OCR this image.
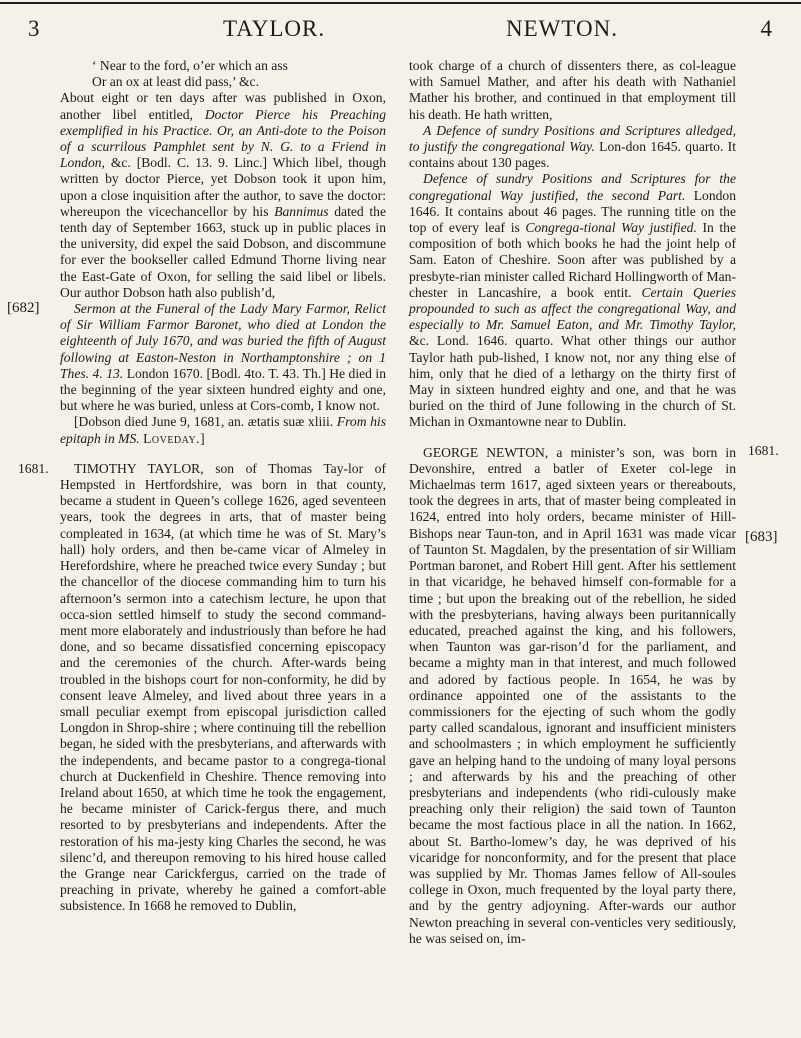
3	TAYLOR.	NEWTON.	4
[682]
1681.
1681.
[683]

‘ Near to the ford, o’er which an ass

Or an ox at least did pass,’ &c.

About eight or ten days after was published in Oxon, another libel entitled, Doctor Pierce his Preaching exemplified in his Practice. Or, an Anti-dote to the Poison of a scurrilous Pamphlet sent by N. G. to a Friend in London, &c. [Bodl. C. 13. 9. Linc.] Which libel, though written by doctor Pierce, yet Dobson took it upon him, upon a close inquisition after the author, to save the doctor: whereupon the vicechancellor by his Bannimus dated the tenth day of September 1663, stuck up in public places in the university, did expel the said Dobson, and discommune for ever the bookseller called Edmund Thorne living near the East-Gate of Oxon, for selling the said libel or libels. Our author Dobson hath also publish’d,

Sermon at the Funeral of the Lady Mary Farmor, Relict of Sir William Farmor Baronet, who died at London the eighteenth of July 1670, and was buried the fifth of August following at Easton-Neston in Northamptonshire ; on 1 Thes. 4. 13. London 1670. [Bodl. 4to. T. 43. Th.] He died in the beginning of the year sixteen hundred eighty and one, but where he was buried, unless at Cors-comb, I know not.

[Dobson died June 9, 1681, an. ætatis suæ xliii. From his epitaph in MS. Loveday.]

TIMOTHY TAYLOR, son of Thomas Tay-lor of Hempsted in Hertfordshire, was born in that county, became a student in Queen’s college 1626, aged seventeen years, took the degrees in arts, that of master being compleated in 1634, (at which time he was of St. Mary’s hall) holy orders, and then be-came vicar of Almeley in Herefordshire, where he preached twice every Sunday ; but the chancellor of the diocese commanding him to turn his afternoon’s sermon into a catechism lecture, he upon that occa-sion settled himself to study the second command-ment more elaborately and industriously than before he had done, and so became dissatisfied concerning episcopacy and the ceremonies of the church. After-wards being troubled in the bishops court for non-conformity, he did by consent leave Almeley, and lived about three years in a small peculiar exempt from episcopal jurisdiction called Longdon in Shrop-shire ; where continuing till the rebellion began, he sided with the presbyterians, and afterwards with the independents, and became pastor to a congrega-tional church at Duckenfield in Cheshire. Thence removing into Ireland about 1650, at which time he took the engagement, he became minister of Carick-fergus there, and much resorted to by presbyterians and independents. After the restoration of his ma-jesty king Charles the second, he was silenc’d, and thereupon removing to his hired house called the Grange near Carickfergus, carried on the trade of preaching in private, whereby he gained a comfort-able subsistence. In 1668 he removed to Dublin,

took charge of a church of dissenters there, as col-league with Samuel Mather, and after his death with Nathaniel Mather his brother, and continued in that employment till his death. He hath written,

A Defence of sundry Positions and Scriptures alledged, to justify the congregational Way. Lon-don 1645. quarto. It contains about 130 pages.

Defence of sundry Positions and Scriptures for the congregational Way justified, the second Part. London 1646. It contains about 46 pages. The running title on the top of every leaf is Congrega-tional Way justified. In the composition of both which books he had the joint help of Sam. Eaton of Cheshire. Soon after was published by a presbyte-rian minister called Richard Hollingworth of Man-chester in Lancashire, a book entit. Certain Queries propounded to such as affect the congregational Way, and especially to Mr. Samuel Eaton, and Mr. Timothy Taylor, &c. Lond. 1646. quarto. What other things our author Taylor hath pub-lished, I know not, nor any thing else of him, only that he died of a lethargy on the thirty first of May in sixteen hundred eighty and one, and that he was buried on the third of June following in the church of St. Michan in Oxmantowne near to Dublin.

GEORGE NEWTON, a minister’s son, was born in Devonshire, entred a batler of Exeter col-lege in Michaelmas term 1617, aged sixteen years or thereabouts, took the degrees in arts, that of master being compleated in 1624, entred into holy orders, became minister of Hill-Bishops near Taun-ton, and in April 1631 was made vicar of Taunton St. Magdalen, by the presentation of sir William Portman baronet, and Robert Hill gent. After his settlement in that vicaridge, he behaved himself con-formable for a time ; but upon the breaking out of the rebellion, he sided with the presbyterians, having always been puritannically educated, preached against the king, and his followers, when Taunton was gar-rison’d for the parliament, and became a mighty man in that interest, and much followed and adored by factious people. In 1654, he was by ordinance appointed one of the assistants to the commissioners for the ejecting of such whom the godly party called scandalous, ignorant and insufficient ministers and schoolmasters ; in which employment he sufficiently gave an helping hand to the undoing of many loyal persons ; and afterwards by his and the preaching of other presbyterians and independents (who ridi-culously make preaching only their religion) the said town of Taunton became the most factious place in all the nation. In 1662, about St. Bartho-lomew’s day, he was deprived of his vicaridge for nonconformity, and for the present that place was supplied by Mr. Thomas James fellow of All-soules college in Oxon, much frequented by the loyal party there, and by the gentry adjoyning. After-wards our author Newton preaching in several con-venticles very seditiously, he was seised on, im-
